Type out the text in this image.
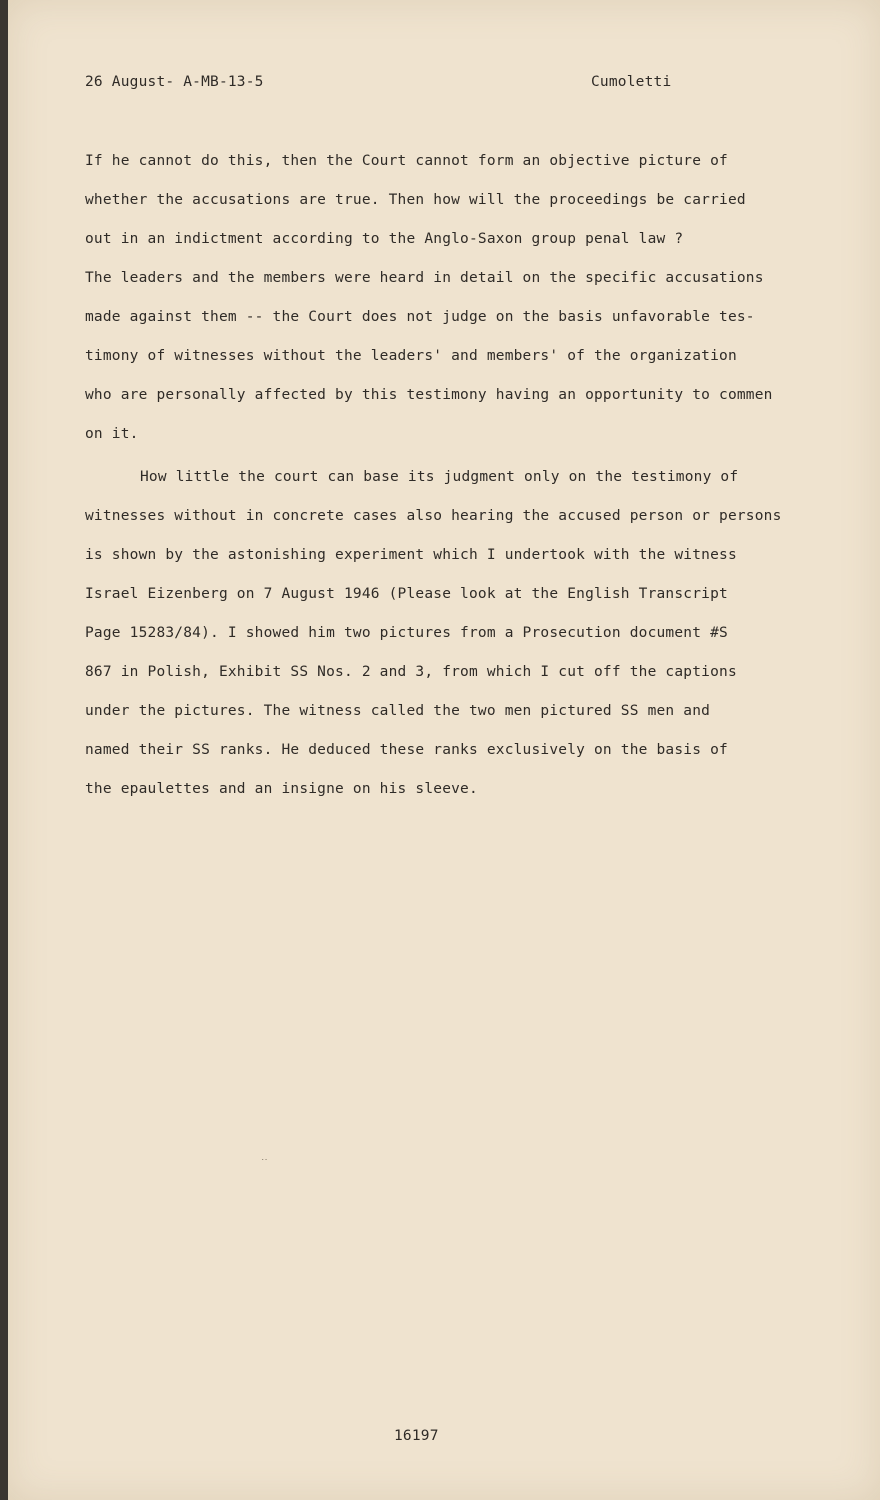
26 August- A-MB-13-5	Cumoletti
If he cannot do this, then the Court cannot form an objective picture of
whether the accusations are true. Then how will the proceedings be carried
out in an indictment according to the Anglo-Saxon group penal law ?
The leaders and the members were heard in detail on the specific accusations
made against them -- the Court does not judge on the basis unfavorable tes-
timony of witnesses without the leaders' and members' of the organization
who are personally affected by this testimony having an opportunity to commen
on it.
How little the court can base its judgment only on the testimony of
witnesses without in concrete cases also hearing the accused person or persons
is shown by the astonishing experiment which I undertook with the witness
Israel Eizenberg on 7 August 1946 (Please look at the English Transcript
Page 15283/84). I showed him two pictures from a Prosecution document #S
867 in Polish, Exhibit SS Nos. 2 and 3, from which I cut off the captions
under the pictures. The witness called the two men pictured SS men and
named their SS ranks. He deduced these ranks exclusively on the basis of
the epaulettes and an insigne on his sleeve.
․․
16197
